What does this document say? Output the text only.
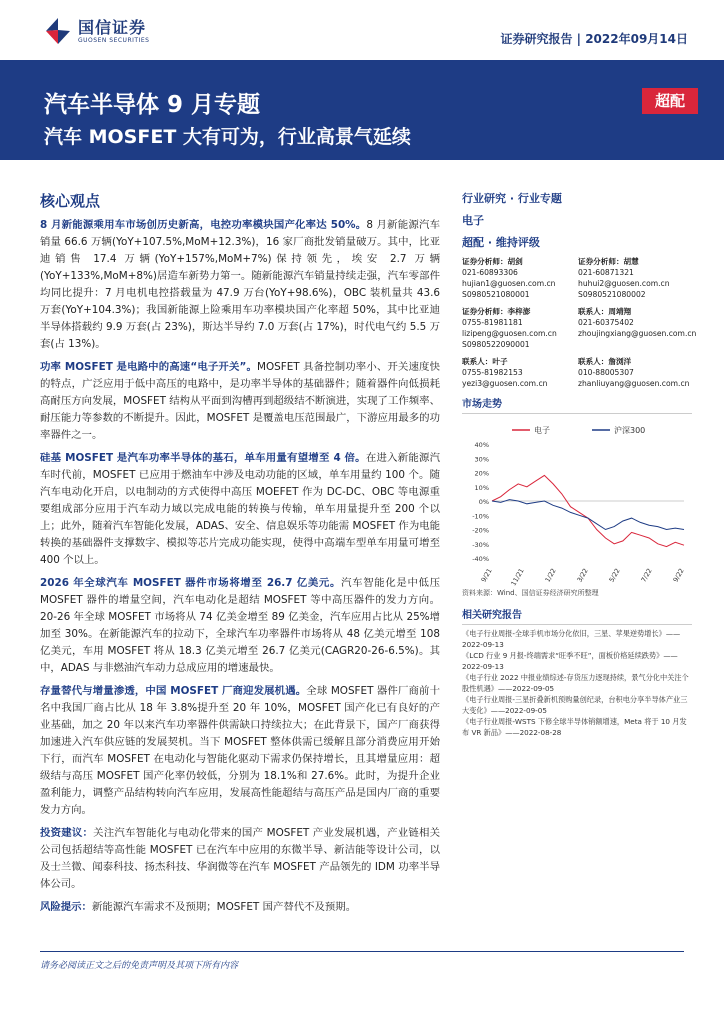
国信证券
GUOSEN SECURITIES	证券研究报告 | 2022年09月14日
汽车半导体 9 月专题
汽车 MOSFET 大有可为，行业高景气延续
超配
核心观点

8 月新能源乘用车市场创历史新高，电控功率模块国产化率达 50%。8 月新能源汽车销量 66.6 万辆(YoY+107.5%,MoM+12.3%)，16 家厂商批发销量破万。其中，比亚迪销售 17.4 万辆(YoY+157%,MoM+7%)保持领先，埃安 2.7 万辆(YoY+133%,MoM+8%)居造车新势力第一。随新能源汽车销量持续走强，汽车零部件均同比提升：7 月电机电控搭载量为 47.9 万台(YoY+98.6%)，OBC 装机量共 43.6 万套(YoY+104.3%)；我国新能源上险乘用车功率模块国产化率超 50%，其中比亚迪半导体搭载约 9.9 万套(占 23%)，斯达半导约 7.0 万套(占 17%)，时代电气约 5.5 万套(占 13%)。

功率 MOSFET 是电路中的高速“电子开关”。MOSFET 具备控制功率小、开关速度快的特点，广泛应用于低中高压的电路中，是功率半导体的基础器件；随着器件向低损耗高耐压方向发展，MOSFET 结构从平面到沟槽再到超级结不断演进，实现了工作频率、耐压能力等参数的不断提升。因此，MOSFET 是覆盖电压范围最广，下游应用最多的功率器件之一。

硅基 MOSFET 是汽车功率半导体的基石，单车用量有望增至 4 倍。在进入新能源汽车时代前，MOSFET 已应用于燃油车中涉及电动功能的区域，单车用量约 100 个。随汽车电动化开启，以电制动的方式使得中高压 MOEFET 作为 DC-DC、OBC 等电源重要组成部分应用于汽车动力域以完成电能的转换与传输，单车用量提升至 200 个以上；此外，随着汽车智能化发展，ADAS、安全、信息娱乐等功能需 MOSFET 作为电能转换的基础器件支撑数字、模拟等芯片完成功能实现，使得中高端车型单车用量可增至 400 个以上。

2026 年全球汽车 MOSFET 器件市场将增至 26.7 亿美元。汽车智能化是中低压 MOSFET 器件的增量空间，汽车电动化是超结 MOSFET 等中高压器件的发力方向。20-26 年全球 MOSFET 市场将从 74 亿美金增至 89 亿美金，汽车应用占比从 25%增加至 30%。在新能源汽车的拉动下，全球汽车功率器件市场将从 48 亿美元增至 108 亿美元，车用 MOSFET 将从 18.3 亿美元增至 26.7 亿美元(CAGR20-26-6.5%)。其中，ADAS 与非燃油汽车动力总成应用的增速最快。

存量替代与增量渗透，中国 MOSFET 厂商迎发展机遇。全球 MOSFET 器件厂商前十名中我国厂商占比从 18 年 3.8%提升至 20 年 10%，MOSFET 国产化已有良好的产业基础，加之 20 年以来汽车功率器件供需缺口持续拉大；在此背景下，国产厂商获得加速进入汽车供应链的发展契机。当下 MOSFET 整体供需已缓解且部分消费应用开始下行，而汽车 MOSFET 在电动化与智能化驱动下需求仍保持增长，且其增量应用：超级结与高压 MOSFET 国产化率仍较低，分别为 18.1%和 27.6%。此时，为提升企业盈利能力，调整产品结构转向汽车应用，发展高性能超结与高压产品是国内厂商的重要发力方向。

投资建议：关注汽车智能化与电动化带来的国产 MOSFET 产业发展机遇，产业链相关公司包括超结等高性能 MOSFET 已在汽车中应用的东微半导、新洁能等设计公司，以及士兰微、闻泰科技、扬杰科技、华润微等在汽车 MOSFET 产品领先的 IDM 功率半导体公司。

风险提示：新能源汽车需求不及预期；MOSFET 国产替代不及预期。

行业研究 · 行业专题
电子
超配 · 维持评级
证券分析师：胡剑
021-60893306
hujian1@guosen.com.cn
S0980521080001
证券分析师：胡慧
021-60871321
huhui2@guosen.com.cn
S0980521080002
证券分析师：李梓澎
0755-81981181
lizipeng@guosen.com.cn
S0980522090001
联系人：周靖翔
021-60375402
zhoujingxiang@guosen.com.cn
联系人：叶子
0755-81982153
yezi3@guosen.com.cn
联系人：詹浏洋
010-88005307
zhanliuyang@guosen.com.cn
市场走势
电子	沪深300
40%
30%
20%
10%
0%
-10%
-20%
-30%
-40%
9/21 11/21	1/22	3/22	5/22	7/22	9/22
资料来源：Wind、国信证券经济研究所整理
相关研究报告
《电子行业周报-全球手机市场分化依旧，三星、苹果逆势增长》——2022-09-13
《LCD 行业 9 月报-终端需求“旺季不旺”，面板价格延续跌势》——2022-09-13
《电子行业 2022 中报业绩综述-存货压力逐现持续，景气分化中关注个股性机遇》——2022-09-05
《电子行业周报-三星折叠新机预购量创纪录，台积电分享半导体产业三大变化》——2022-09-05
《电子行业周报-WSTS 下修全球半导体销额增速，Meta 将于 10 月发布 VR 新品》——2022-08-28
请务必阅读正文之后的免责声明及其项下所有内容
